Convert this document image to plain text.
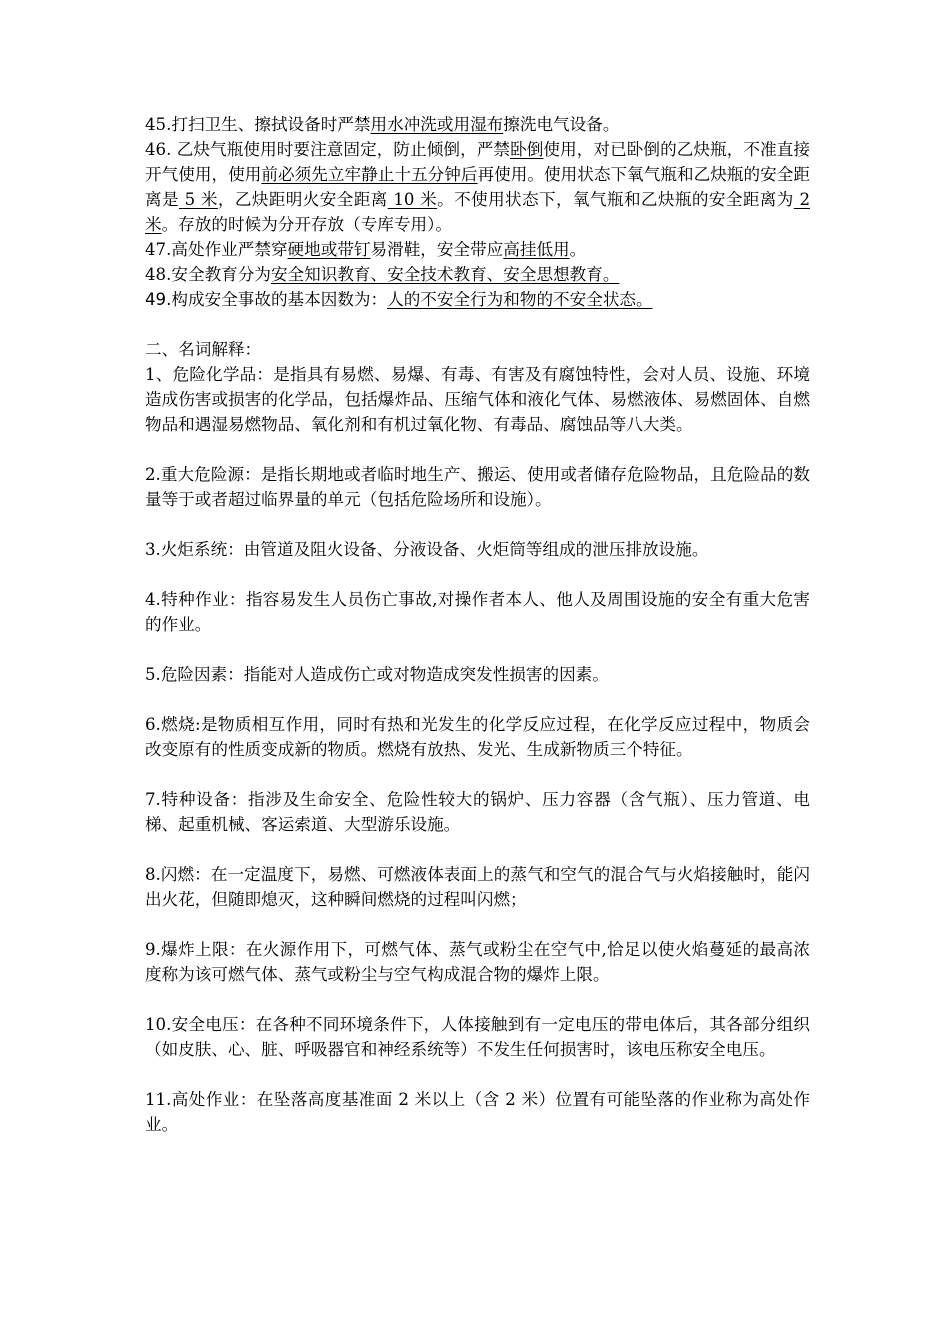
45.打扫卫生、擦拭设备时严禁用水冲洗或用湿布擦洗电气设备。

46. 乙炔气瓶使用时要注意固定，防止倾倒，严禁卧倒使用，对已卧倒的乙炔瓶，不准直接开气使用，使用前必须先立牢静止十五分钟后再使用。使用状态下氧气瓶和乙炔瓶的安全距离是 5 米，乙炔距明火安全距离 10 米。不使用状态下，氧气瓶和乙炔瓶的安全距离为 2 米。存放的时候为分开存放（专库专用）。

47.高处作业严禁穿硬地或带钉易滑鞋，安全带应高挂低用。

48.安全教育分为安全知识教育、安全技术教育、安全思想教育。

49.构成安全事故的基本因数为：人的不安全行为和物的不安全状态。

二、名词解释：

1、危险化学品：是指具有易燃、易爆、有毒、有害及有腐蚀特性，会对人员、设施、环境造成伤害或损害的化学品，包括爆炸品、压缩气体和液化气体、易燃液体、易燃固体、自燃物品和遇湿易燃物品、氧化剂和有机过氧化物、有毒品、腐蚀品等八大类。

2.重大危险源：是指长期地或者临时地生产、搬运、使用或者储存危险物品，且危险品的数量等于或者超过临界量的单元（包括危险场所和设施）。

3.火炬系统：由管道及阻火设备、分液设备、火炬筒等组成的泄压排放设施。

4.特种作业：指容易发生人员伤亡事故,对操作者本人、他人及周围设施的安全有重大危害的作业。

5.危险因素：指能对人造成伤亡或对物造成突发性损害的因素。

6.燃烧:是物质相互作用，同时有热和光发生的化学反应过程，在化学反应过程中，物质会改变原有的性质变成新的物质。燃烧有放热、发光、生成新物质三个特征。

7.特种设备：指涉及生命安全、危险性较大的锅炉、压力容器（含气瓶）、压力管道、电梯、起重机械、客运索道、大型游乐设施。

8.闪燃：在一定温度下，易燃、可燃液体表面上的蒸气和空气的混合气与火焰接触时，能闪出火花，但随即熄灭，这种瞬间燃烧的过程叫闪燃；

9.爆炸上限：在火源作用下，可燃气体、蒸气或粉尘在空气中,恰足以使火焰蔓延的最高浓度称为该可燃气体、蒸气或粉尘与空气构成混合物的爆炸上限。

10.安全电压：在各种不同环境条件下，人体接触到有一定电压的带电体后，其各部分组织（如皮肤、心、脏、呼吸器官和神经系统等）不发生任何损害时，该电压称安全电压。

11.高处作业：在坠落高度基准面 2 米以上（含 2 米）位置有可能坠落的作业称为高处作业。
